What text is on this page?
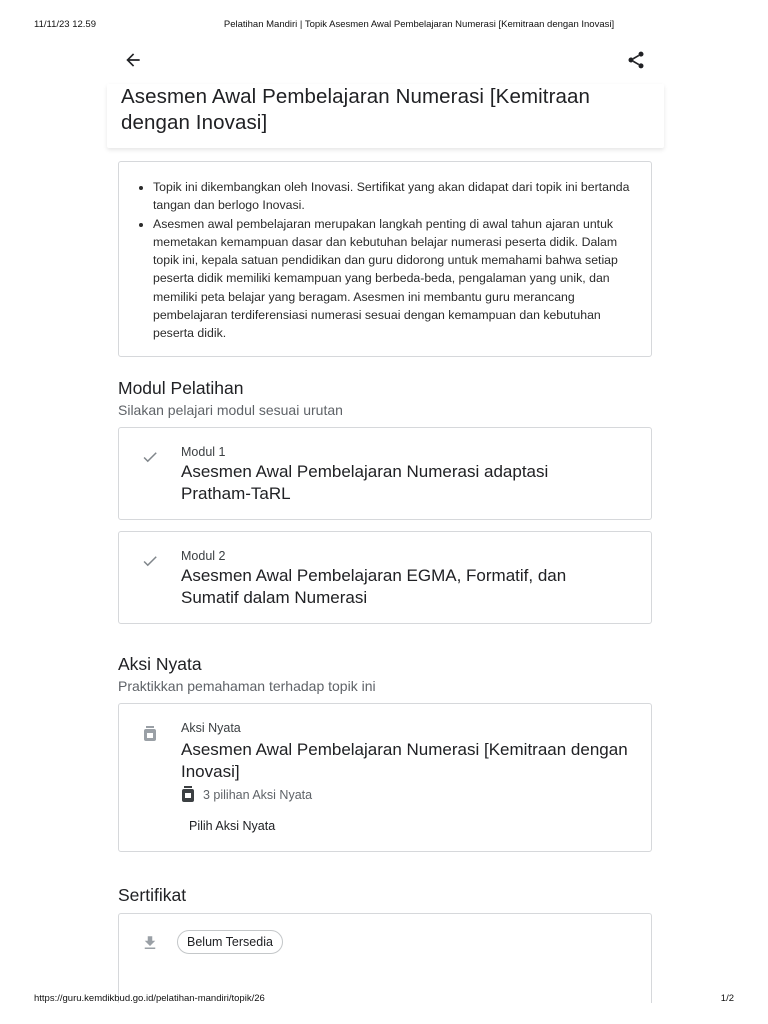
11/11/23 12.59	Pelatihan Mandiri | Topik Asesmen Awal Pembelajaran Numerasi [Kemitraan dengan Inovasi]
Asesmen Awal Pembelajaran Numerasi [Kemitraan
dengan Inovasi]
• Topik ini dikembangkan oleh Inovasi. Sertifikat yang akan didapat dari topik ini bertanda tangan dan berlogo Inovasi.
• Asesmen awal pembelajaran merupakan langkah penting di awal tahun ajaran untuk memetakan kemampuan dasar dan kebutuhan belajar numerasi peserta didik. Dalam topik ini, kepala satuan pendidikan dan guru didorong untuk memahami bahwa setiap peserta didik memiliki kemampuan yang berbeda-beda, pengalaman yang unik, dan memiliki peta belajar yang beragam. Asesmen ini membantu guru merancang pembelajaran terdiferensiasi numerasi sesuai dengan kemampuan dan kebutuhan peserta didik.
Modul Pelatihan
Silakan pelajari modul sesuai urutan
Modul 1
Asesmen Awal Pembelajaran Numerasi adaptasi Pratham-TaRL
Modul 2
Asesmen Awal Pembelajaran EGMA, Formatif, dan Sumatif dalam Numerasi
Aksi Nyata
Praktikkan pemahaman terhadap topik ini
Aksi Nyata
Asesmen Awal Pembelajaran Numerasi [Kemitraan dengan Inovasi]
3 pilihan Aksi Nyata
Pilih Aksi Nyata
Sertifikat
Belum Tersedia
https://guru.kemdikbud.go.id/pelatihan-mandiri/topik/26	1/2
